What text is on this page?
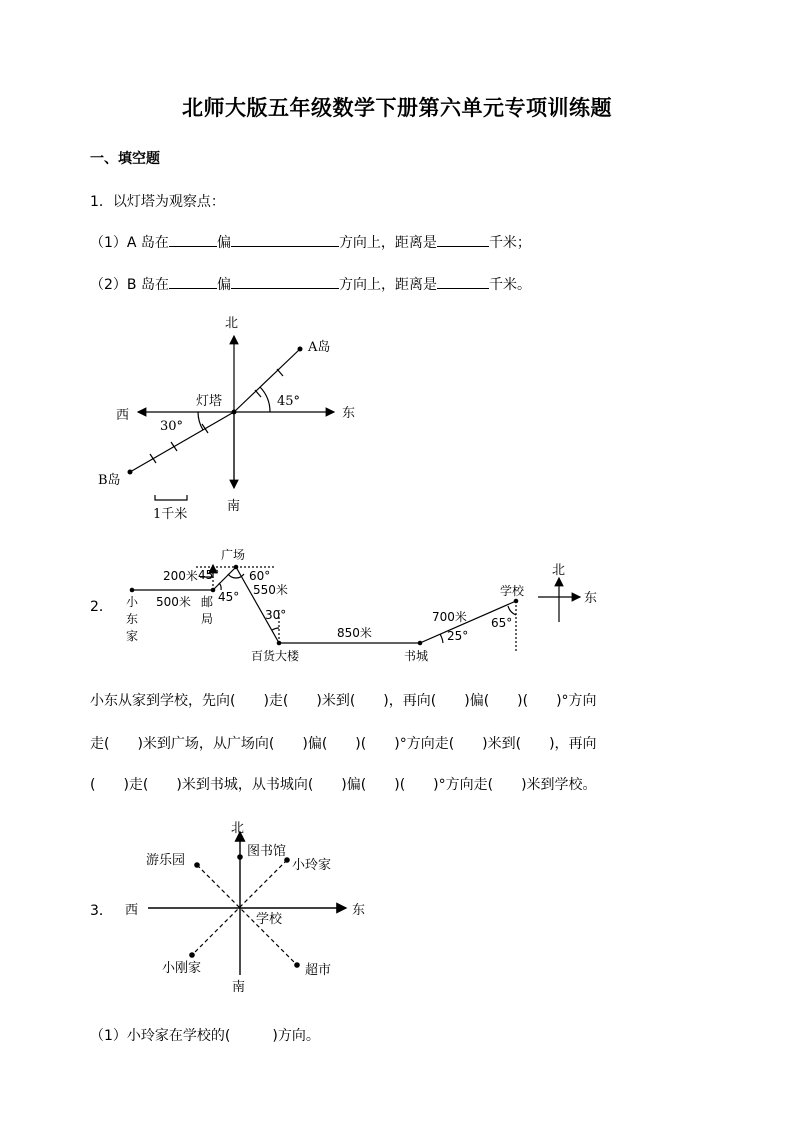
北师大版五年级数学下册第六单元专项训练题
一、填空题
1．以灯塔为观察点：
（1）A 岛在	偏	方向上，距离是	千米；
（2）B 岛在	偏	方向上，距离是	千米。
北
南
东
西
灯塔
A岛
B岛
45°
30°
1千米
2． 小
东
家
邮
局
广场
百货大楼	书城
学校
500米
200米 45°
45°
60°
550米
30°
850米
700米
25°
65°
北
东
小东从家到学校，先向(　　)走(　　)米到(　　)，再向(　　)偏(　　)(　　)°方向
走(　　)米到广场，从广场向(　　)偏(　　)(　　)°方向走(　　)米到(　　)，再向
(　　)走(　　)米到书城，从书城向(　　)偏(　　)(　　)°方向走(　　)米到学校。
3．
北
南
东
西
图书馆
游乐园	小玲家
学校
小刚家	超市
（1）小玲家在学校的(　　　)方向。
